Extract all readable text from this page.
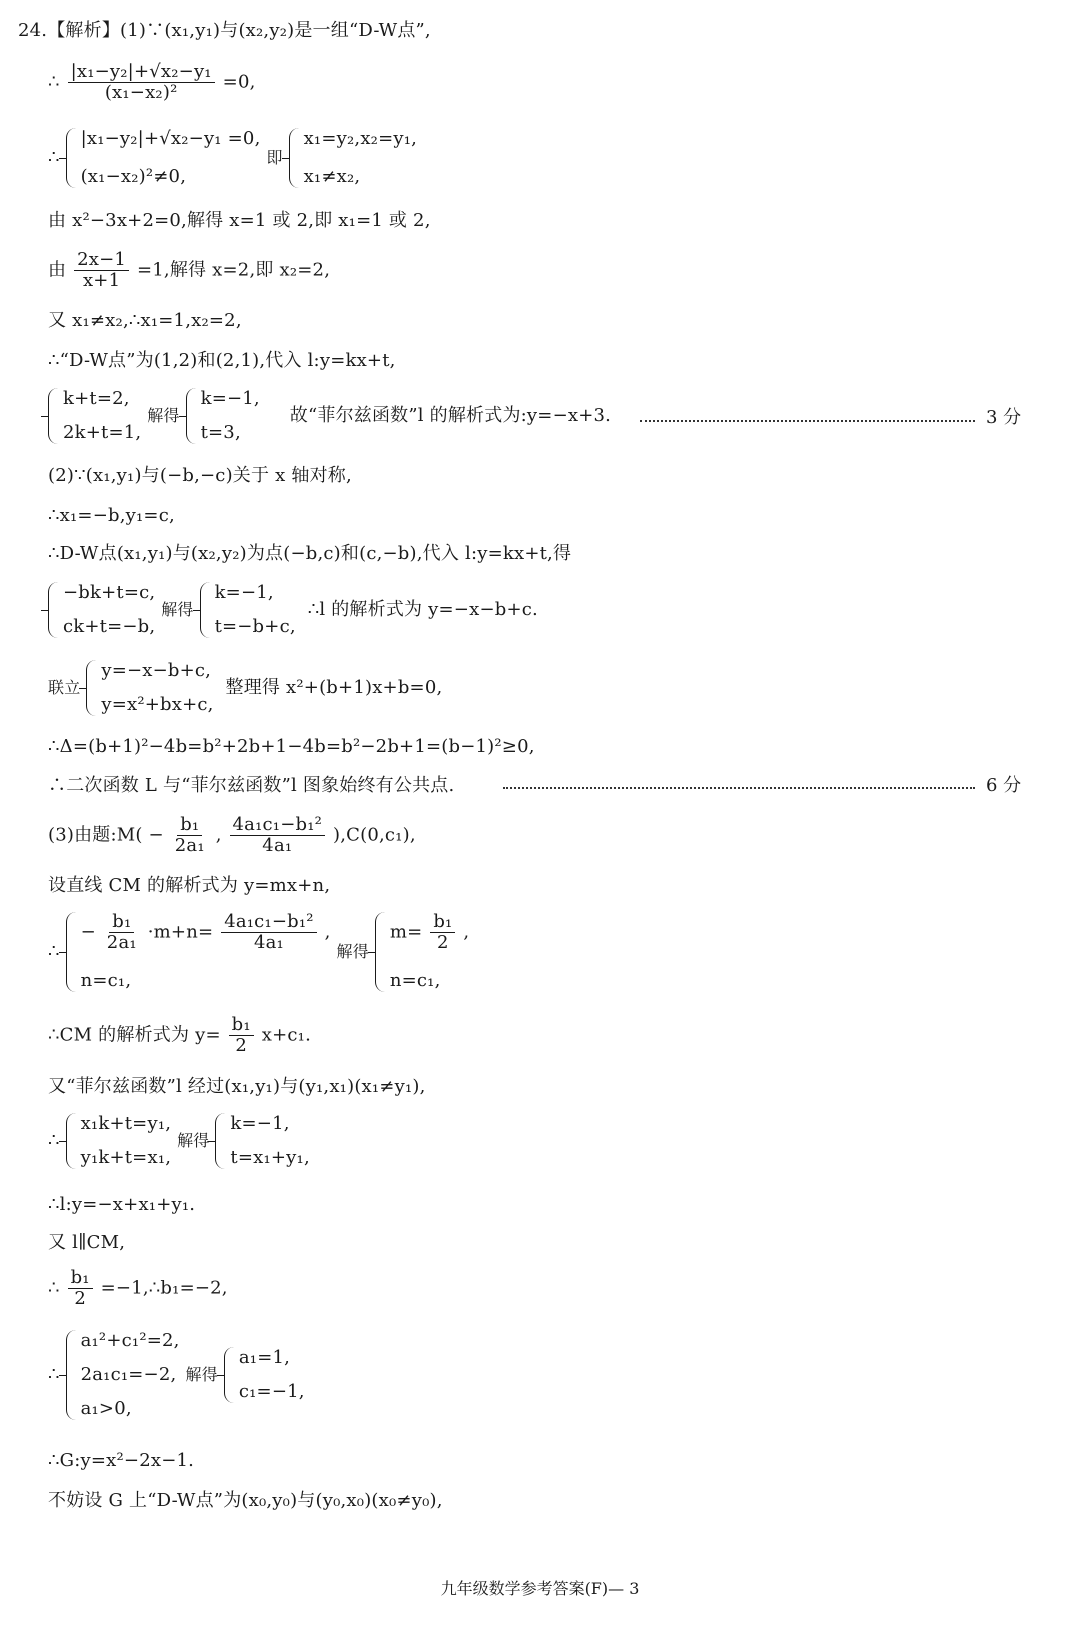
24.【解析】(1)∵(x₁,y₁)与(x₂,y₂)是一组“D-W点”,
∴ $\frac{\text{|x₁−y₂|+√x₂−y₁}}{\text{(x₁−x₂)²}} =0$,
∴
|x₁−y₂|+√x₂−y₁ =0,
(x₁−x₂)²≠0,
即
x₁=y₂,x₂=y₁,
x₁≠x₂,
由 x²−3x+2=0,解得 x=1 或 2,即 x₁=1 或 2,
由 $\frac{2x-1}{x+1} =1$,解得 x=2,即 x₂=2,
又 x₁≠x₂,∴x₁=1,x₂=2,
∴“D-W点”为(1,2)和(2,1),代入 l:y=kx+t,
k+t=2,
2k+t=1,
解得
k=−1,
t=3,
故“菲尔兹函数”l 的解析式为:y=−x+3.	3 分
(2)∵(x₁,y₁)与(−b,−c)关于 x 轴对称,
∴x₁=−b,y₁=c,
∴D-W点(x₁,y₁)与(x₂,y₂)为点(−b,c)和(c,−b),代入 l:y=kx+t,得
−bk+t=c,
ck+t=−b,
解得
k=−1,
t=−b+c,
∴l 的解析式为 y=−x−b+c.
联立
y=−x−b+c,
y=x²+bx+c,
整理得 x²+(b+1)x+b=0,
∴Δ=(b+1)²−4b=b²+2b+1−4b=b²−2b+1=(b−1)²≥0,
∴二次函数 L 与“菲尔兹函数”l 图象始终有公共点.	6 分
(3)由题:M( − $\frac{\text{b₁}}{\text{2a₁}}$ , $\frac{\text{4a₁c₁−b₁²}}{\text{4a₁}} ),C(0,c_1)$,
设直线 CM 的解析式为 y=mx+n,
∴
− $\frac{\text{b₁}}{\text{2a₁}} \cdot m+n= \frac{\text{4a₁c₁−b₁²}}{\text{4a₁}}$ ,
n=c₁,
解得
$m= \frac{\text{b₁}}{2}$ ,
n=c₁,
∴CM 的解析式为 $y= \frac{\text{b₁}}{2} x+c_1$.
又“菲尔兹函数”l 经过(x₁,y₁)与(y₁,x₁)(x₁≠y₁),
∴
x₁k+t=y₁,
y₁k+t=x₁,
解得
k=−1,
t=x₁+y₁,
∴l:y=−x+x₁+y₁.
又 l∥CM,
∴ $\frac{\text{b₁}}{2}$ =−1,∴b₁=−2,
∴
a₁²+c₁²=2,
2a₁c₁=−2,
a₁>0,
解得
a₁=1,
c₁=−1,
∴G:y=x²−2x−1.
不妨设 G 上“D-W点”为(x₀,y₀)与(y₀,x₀)(x₀≠y₀),
九年级数学参考答案(F)— 3
